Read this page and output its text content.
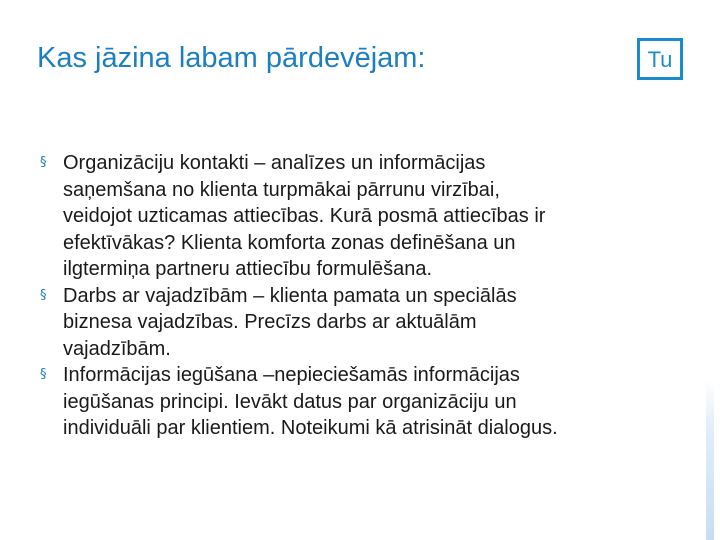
Kas jāzina labam pārdevējam:	Tu
§ Organizāciju kontakti – analīzes un informācijas
saņemšana no klienta turpmākai pārrunu virzībai,
veidojot uzticamas attiecības. Kurā posmā attiecības ir
efektīvākas? Klienta komforta zonas definēšana un
ilgtermiņa partneru attiecību formulēšana.
§ Darbs ar vajadzībām – klienta pamata un speciālās
biznesa vajadzības. Precīzs darbs ar aktuālām
vajadzībām.
§ Informācijas iegūšana –nepieciešamās informācijas
iegūšanas principi. Ievākt datus par organizāciju un
individuāli par klientiem. Noteikumi kā atrisināt dialogus.
